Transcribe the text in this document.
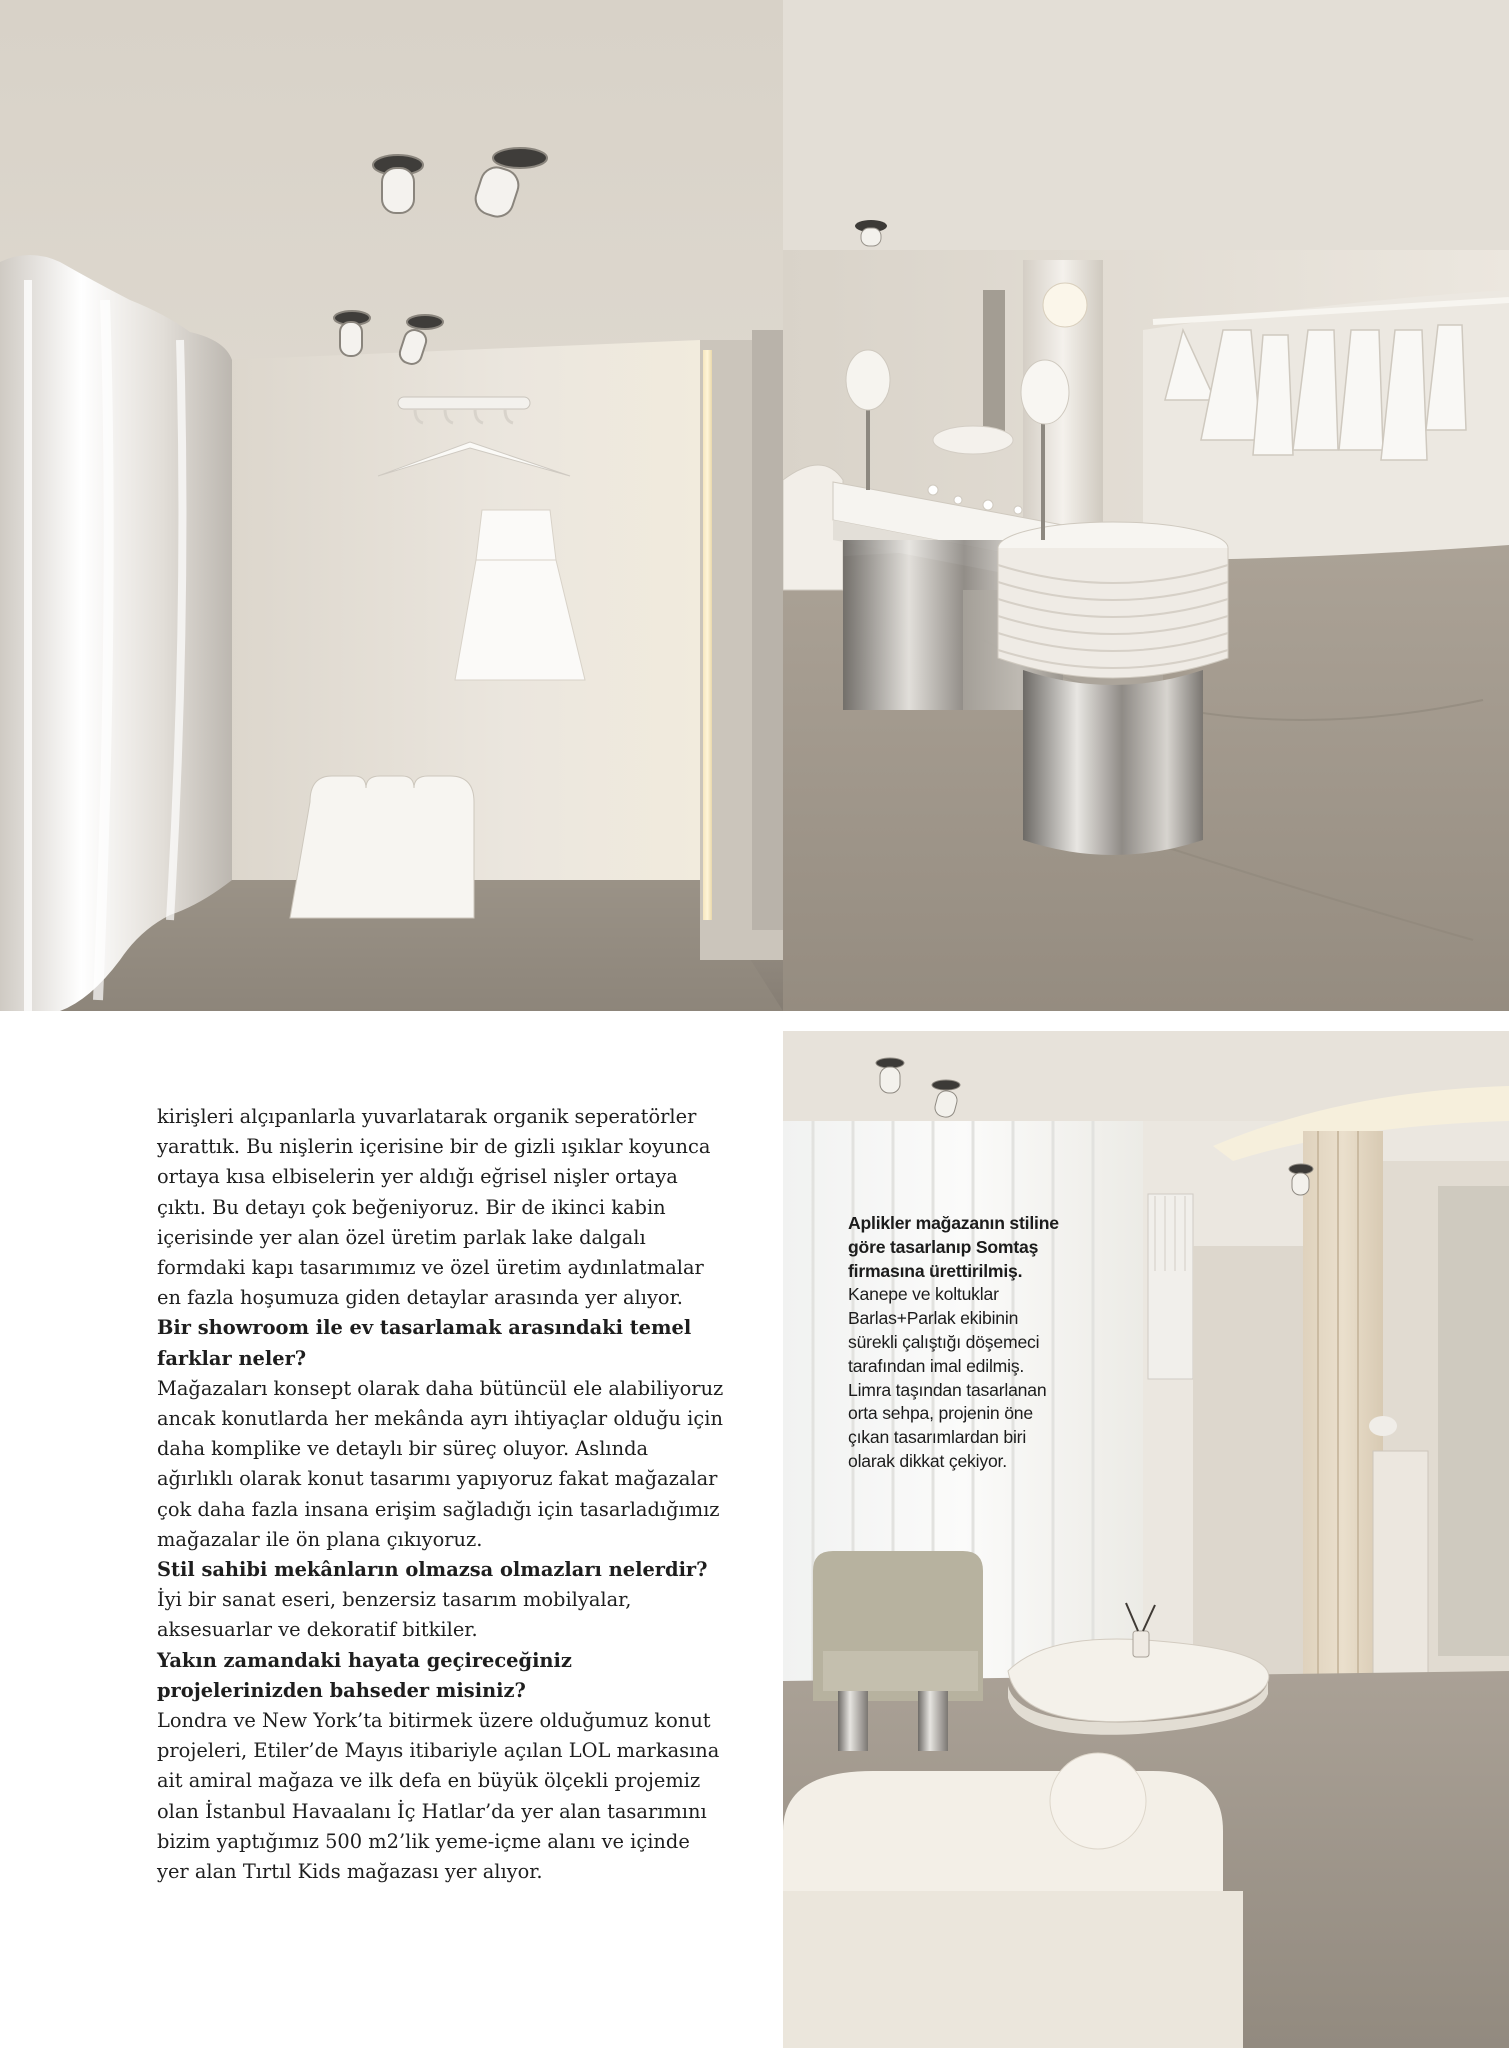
kirişleri alçıpanlarla yuvarlatarak organik seperatörler yarattık. Bu nişlerin içerisine bir de gizli ışıklar koyunca ortaya kısa elbiselerin yer aldığı eğrisel nişler ortaya çıktı. Bu detayı çok beğeniyoruz. Bir de ikinci kabin içerisinde yer alan özel üretim parlak lake dalgalı formdaki kapı tasarımımız ve özel üretim aydınlatmalar en fazla hoşumuza giden detaylar arasında yer alıyor.

Bir showroom ile ev tasarlamak arasındaki temel farklar neler?

Mağazaları konsept olarak daha bütüncül ele alabiliyoruz ancak konutlarda her mekânda ayrı ihtiyaçlar olduğu için daha komplike ve detaylı bir süreç oluyor. Aslında ağırlıklı olarak konut tasarımı yapıyoruz fakat mağazalar çok daha fazla insana erişim sağladığı için tasarladığımız mağazalar ile ön plana çıkıyoruz.

Stil sahibi mekânların olmazsa olmazları nelerdir?

İyi bir sanat eseri, benzersiz tasarım mobilyalar, aksesuarlar ve dekoratif bitkiler.

Yakın zamandaki hayata geçireceğiniz projelerinizden bahseder misiniz?

Londra ve New York’ta bitirmek üzere olduğumuz konut projeleri, Etiler’de Mayıs itibariyle açılan LOL markasına ait amiral mağaza ve ilk defa en büyük ölçekli projemiz olan İstanbul Havaalanı İç Hatlar’da yer alan tasarımını bizim yaptığımız 500 m2’lik yeme-içme alanı ve içinde yer alan Tırtıl Kids mağazası yer alıyor.

Aplikler mağazanın stiline göre tasarlanıp Somtaş firmasına ürettirilmiş. Kanepe ve koltuklar Barlas+Parlak ekibinin sürekli çalıştığı döşemeci tarafından imal edilmiş. Limra taşından tasarlanan orta sehpa, projenin öne çıkan tasarımlardan biri olarak dikkat çekiyor.
